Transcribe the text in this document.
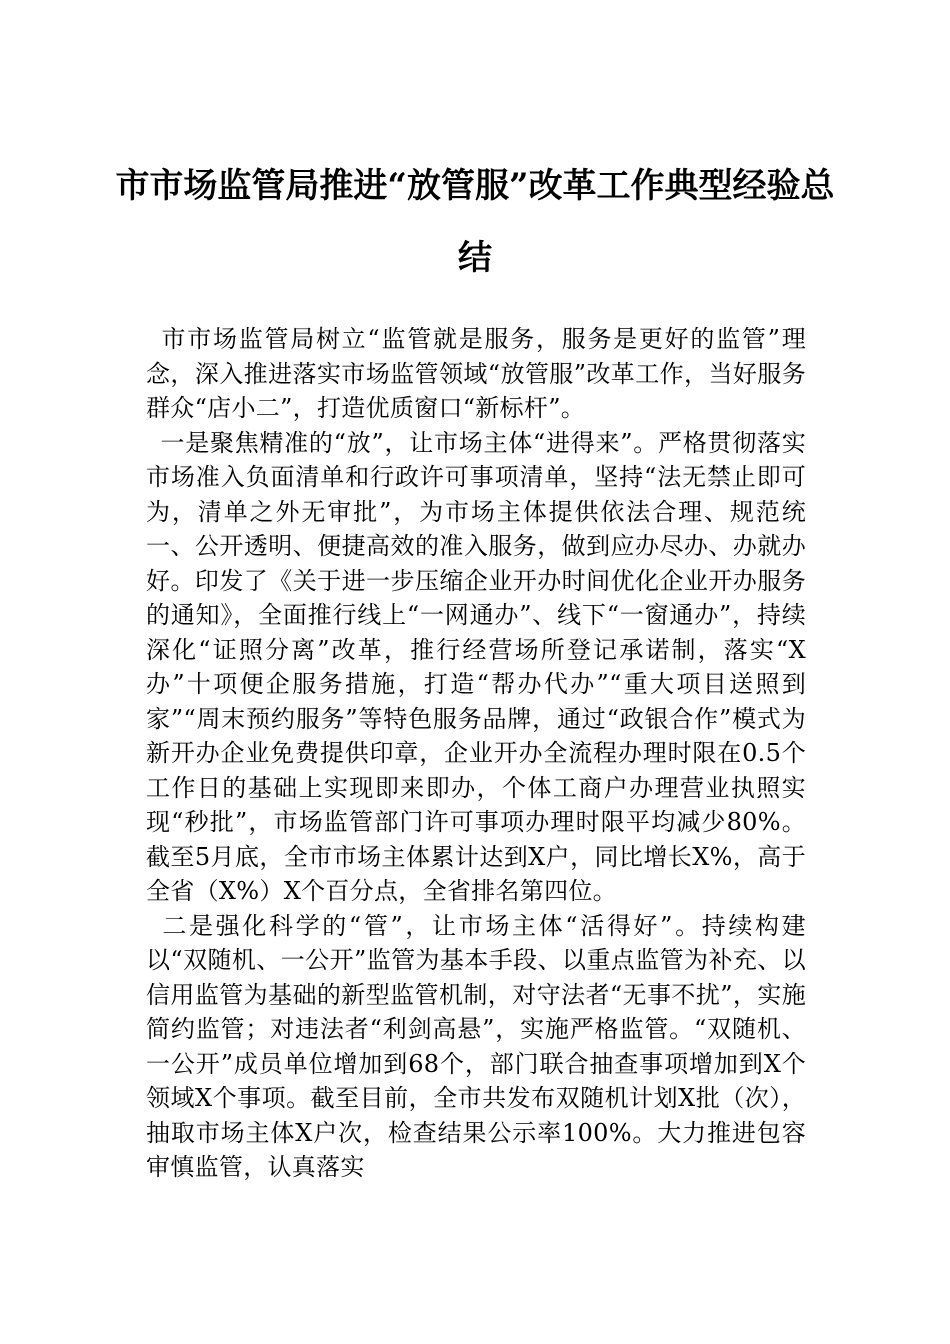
市市场监管局推进“放管服”改革工作典型经验总结

市市场监管局树立“监管就是服务，服务是更好的监管”理念，深入推进落实市场监管领域“放管服”改革工作，当好服务群众“店小二”，打造优质窗口“新标杆”。

一是聚焦精准的“放”，让市场主体“进得来”。严格贯彻落实市场准入负面清单和行政许可事项清单，坚持“法无禁止即可为，清单之外无审批”，为市场主体提供依法合理、规范统一、公开透明、便捷高效的准入服务，做到应办尽办、办就办好。印发了《关于进一步压缩企业开办时间优化企业开办服务的通知》，全面推行线上“一网通办”、线下“一窗通办”，持续深化“证照分离”改革，推行经营场所登记承诺制，落实“X办”十项便企服务措施，打造“帮办代办”“重大项目送照到家”“周末预约服务”等特色服务品牌，通过“政银合作”模式为新开办企业免费提供印章，企业开办全流程办理时限在0.5个工作日的基础上实现即来即办，个体工商户办理营业执照实现“秒批”，市场监管部门许可事项办理时限平均减少80%。截至5月底，全市市场主体累计达到X户，同比增长X%，高于全省（X%）X个百分点，全省排名第四位。

二是强化科学的“管”，让市场主体“活得好”。持续构建以“双随机、一公开”监管为基本手段、以重点监管为补充、以信用监管为基础的新型监管机制，对守法者“无事不扰”，实施简约监管；对违法者“利剑高悬”，实施严格监管。“双随机、一公开”成员单位增加到68个，部门联合抽查事项增加到X个领域X个事项。截至目前，全市共发布双随机计划X批（次），抽取市场主体X户次，检查结果公示率100%。大力推进包容审慎监管，认真落实
